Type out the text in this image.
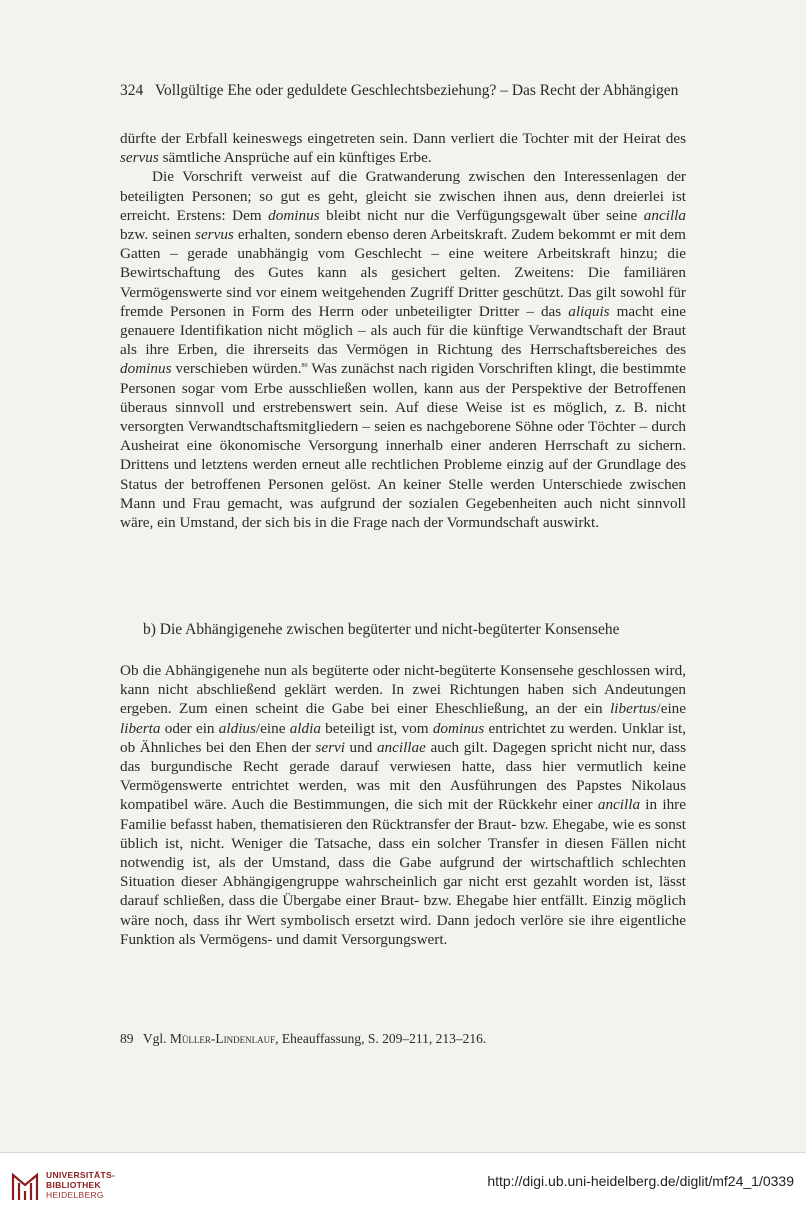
324 Vollgültige Ehe oder geduldete Geschlechtsbeziehung? – Das Recht der Abhängigen

dürfte der Erbfall keineswegs eingetreten sein. Dann verliert die Tochter mit der Heirat des servus sämtliche Ansprüche auf ein künftiges Erbe.

Die Vorschrift verweist auf die Gratwanderung zwischen den Interessenlagen der beteiligten Personen; so gut es geht, gleicht sie zwischen ihnen aus, denn dreierlei ist erreicht. Erstens: Dem dominus bleibt nicht nur die Verfügungsgewalt über seine ancilla bzw. seinen servus erhalten, sondern ebenso deren Arbeitskraft. Zudem bekommt er mit dem Gatten – gerade unabhängig vom Geschlecht – eine weitere Arbeitskraft hinzu; die Bewirtschaftung des Gutes kann als gesichert gelten. Zweitens: Die familiären Vermögenswerte sind vor einem weitgehenden Zugriff Dritter geschützt. Das gilt sowohl für fremde Personen in Form des Herrn oder unbeteiligter Dritter – das aliquis macht eine genauere Identifikation nicht möglich – als auch für die künftige Verwandtschaft der Braut als ihre Erben, die ihrerseits das Vermögen in Richtung des Herrschaftsbereiches des dominus verschieben würden.$^{89}$ Was zunächst nach rigiden Vorschriften klingt, die bestimmte Personen sogar vom Erbe ausschließen wollen, kann aus der Perspektive der Betroffenen überaus sinnvoll und erstrebenswert sein. Auf diese Weise ist es möglich, z. B. nicht versorgten Verwandtschaftsmitgliedern – seien es nachgeborene Söhne oder Töchter – durch Ausheirat eine ökonomische Versorgung innerhalb einer anderen Herrschaft zu sichern. Drittens und letztens werden erneut alle rechtlichen Probleme einzig auf der Grundlage des Status der betroffenen Personen gelöst. An keiner Stelle werden Unterschiede zwischen Mann und Frau gemacht, was aufgrund der sozialen Gegebenheiten auch nicht sinnvoll wäre, ein Umstand, der sich bis in die Frage nach der Vormundschaft auswirkt.

b) Die Abhängigenehe zwischen begüterter und nicht-begüterter Konsensehe

Ob die Abhängigenehe nun als begüterte oder nicht-begüterte Konsensehe geschlossen wird, kann nicht abschließend geklärt werden. In zwei Richtungen haben sich Andeutungen ergeben. Zum einen scheint die Gabe bei einer Eheschließung, an der ein libertus/eine liberta oder ein aldius/eine aldia beteiligt ist, vom dominus entrichtet zu werden. Unklar ist, ob Ähnliches bei den Ehen der servi und ancillae auch gilt. Dagegen spricht nicht nur, dass das burgundische Recht gerade darauf verwiesen hatte, dass hier vermutlich keine Vermögenswerte entrichtet werden, was mit den Ausführungen des Papstes Nikolaus kompatibel wäre. Auch die Bestimmungen, die sich mit der Rückkehr einer ancilla in ihre Familie befasst haben, thematisieren den Rücktransfer der Braut- bzw. Ehegabe, wie es sonst üblich ist, nicht. Weniger die Tatsache, dass ein solcher Transfer in diesen Fällen nicht notwendig ist, als der Umstand, dass die Gabe aufgrund der wirtschaftlich schlechten Situation dieser Abhängigengruppe wahrscheinlich gar nicht erst gezahlt worden ist, lässt darauf schließen, dass die Übergabe einer Braut- bzw. Ehegabe hier entfällt. Einzig möglich wäre noch, dass ihr Wert symbolisch ersetzt wird. Dann jedoch verlöre sie ihre eigentliche Funktion als Vermögens- und damit Versorgungswert.

89 Vgl. Müller-Lindenlauf, Eheauffassung, S. 209–211, 213–216.
UNIVERSITÄTS-
BIBLIOTHEK
HEIDELBERG
http://digi.ub.uni-heidelberg.de/diglit/mf24_1/0339
